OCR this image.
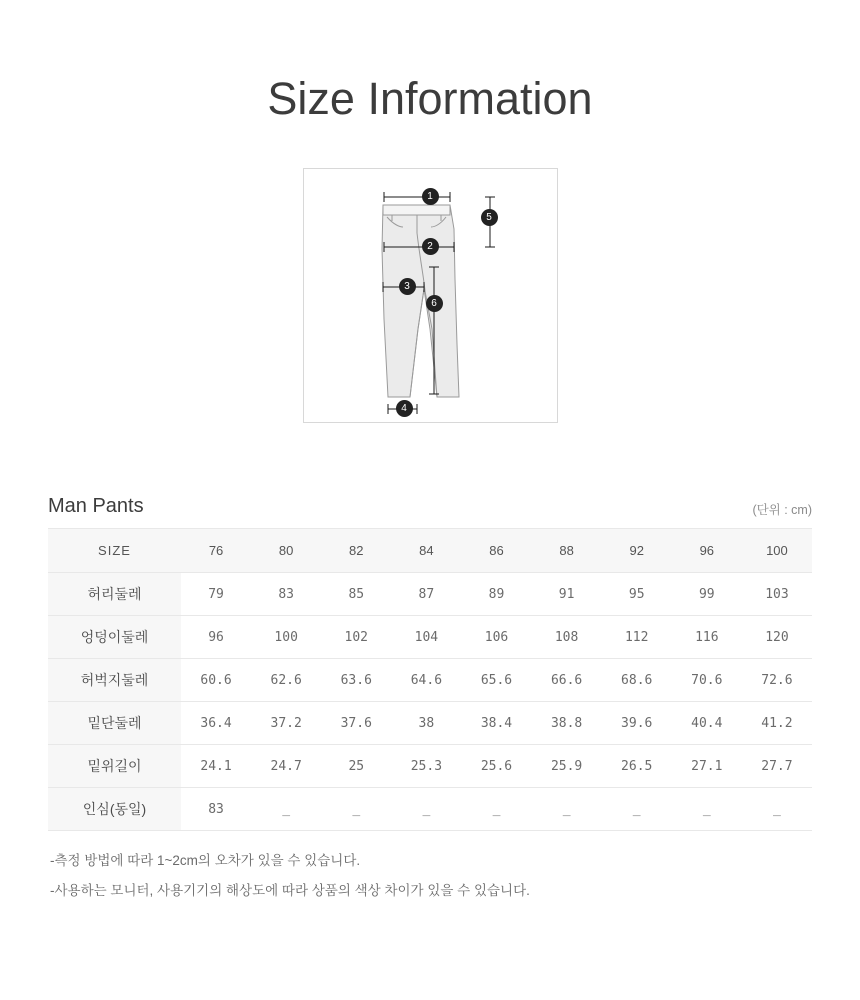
Size Information
1
2
3
4
5
6
Man Pants	(단위 : cm)
SIZE	76	80	82	84	86	88	92	96	100
허리둘레	79	83	85	87	89	91	95	99	103
엉덩이둘레	96	100	102	104	106	108	112	116	120
허벅지둘레	60.6	62.6	63.6	64.6	65.6	66.6	68.6	70.6	72.6
밑단둘레	36.4	37.2	37.6	38	38.4	38.8	39.6	40.4	41.2
밑위길이	24.1	24.7	25	25.3	25.6	25.9	26.5	27.1	27.7
인심(동일)	83	_	_	_	_	_	_	_	_

-측정 방법에 따라 1~2cm의 오차가 있을 수 있습니다.

-사용하는 모니터, 사용기기의 해상도에 따라 상품의 색상 차이가 있을 수 있습니다.
